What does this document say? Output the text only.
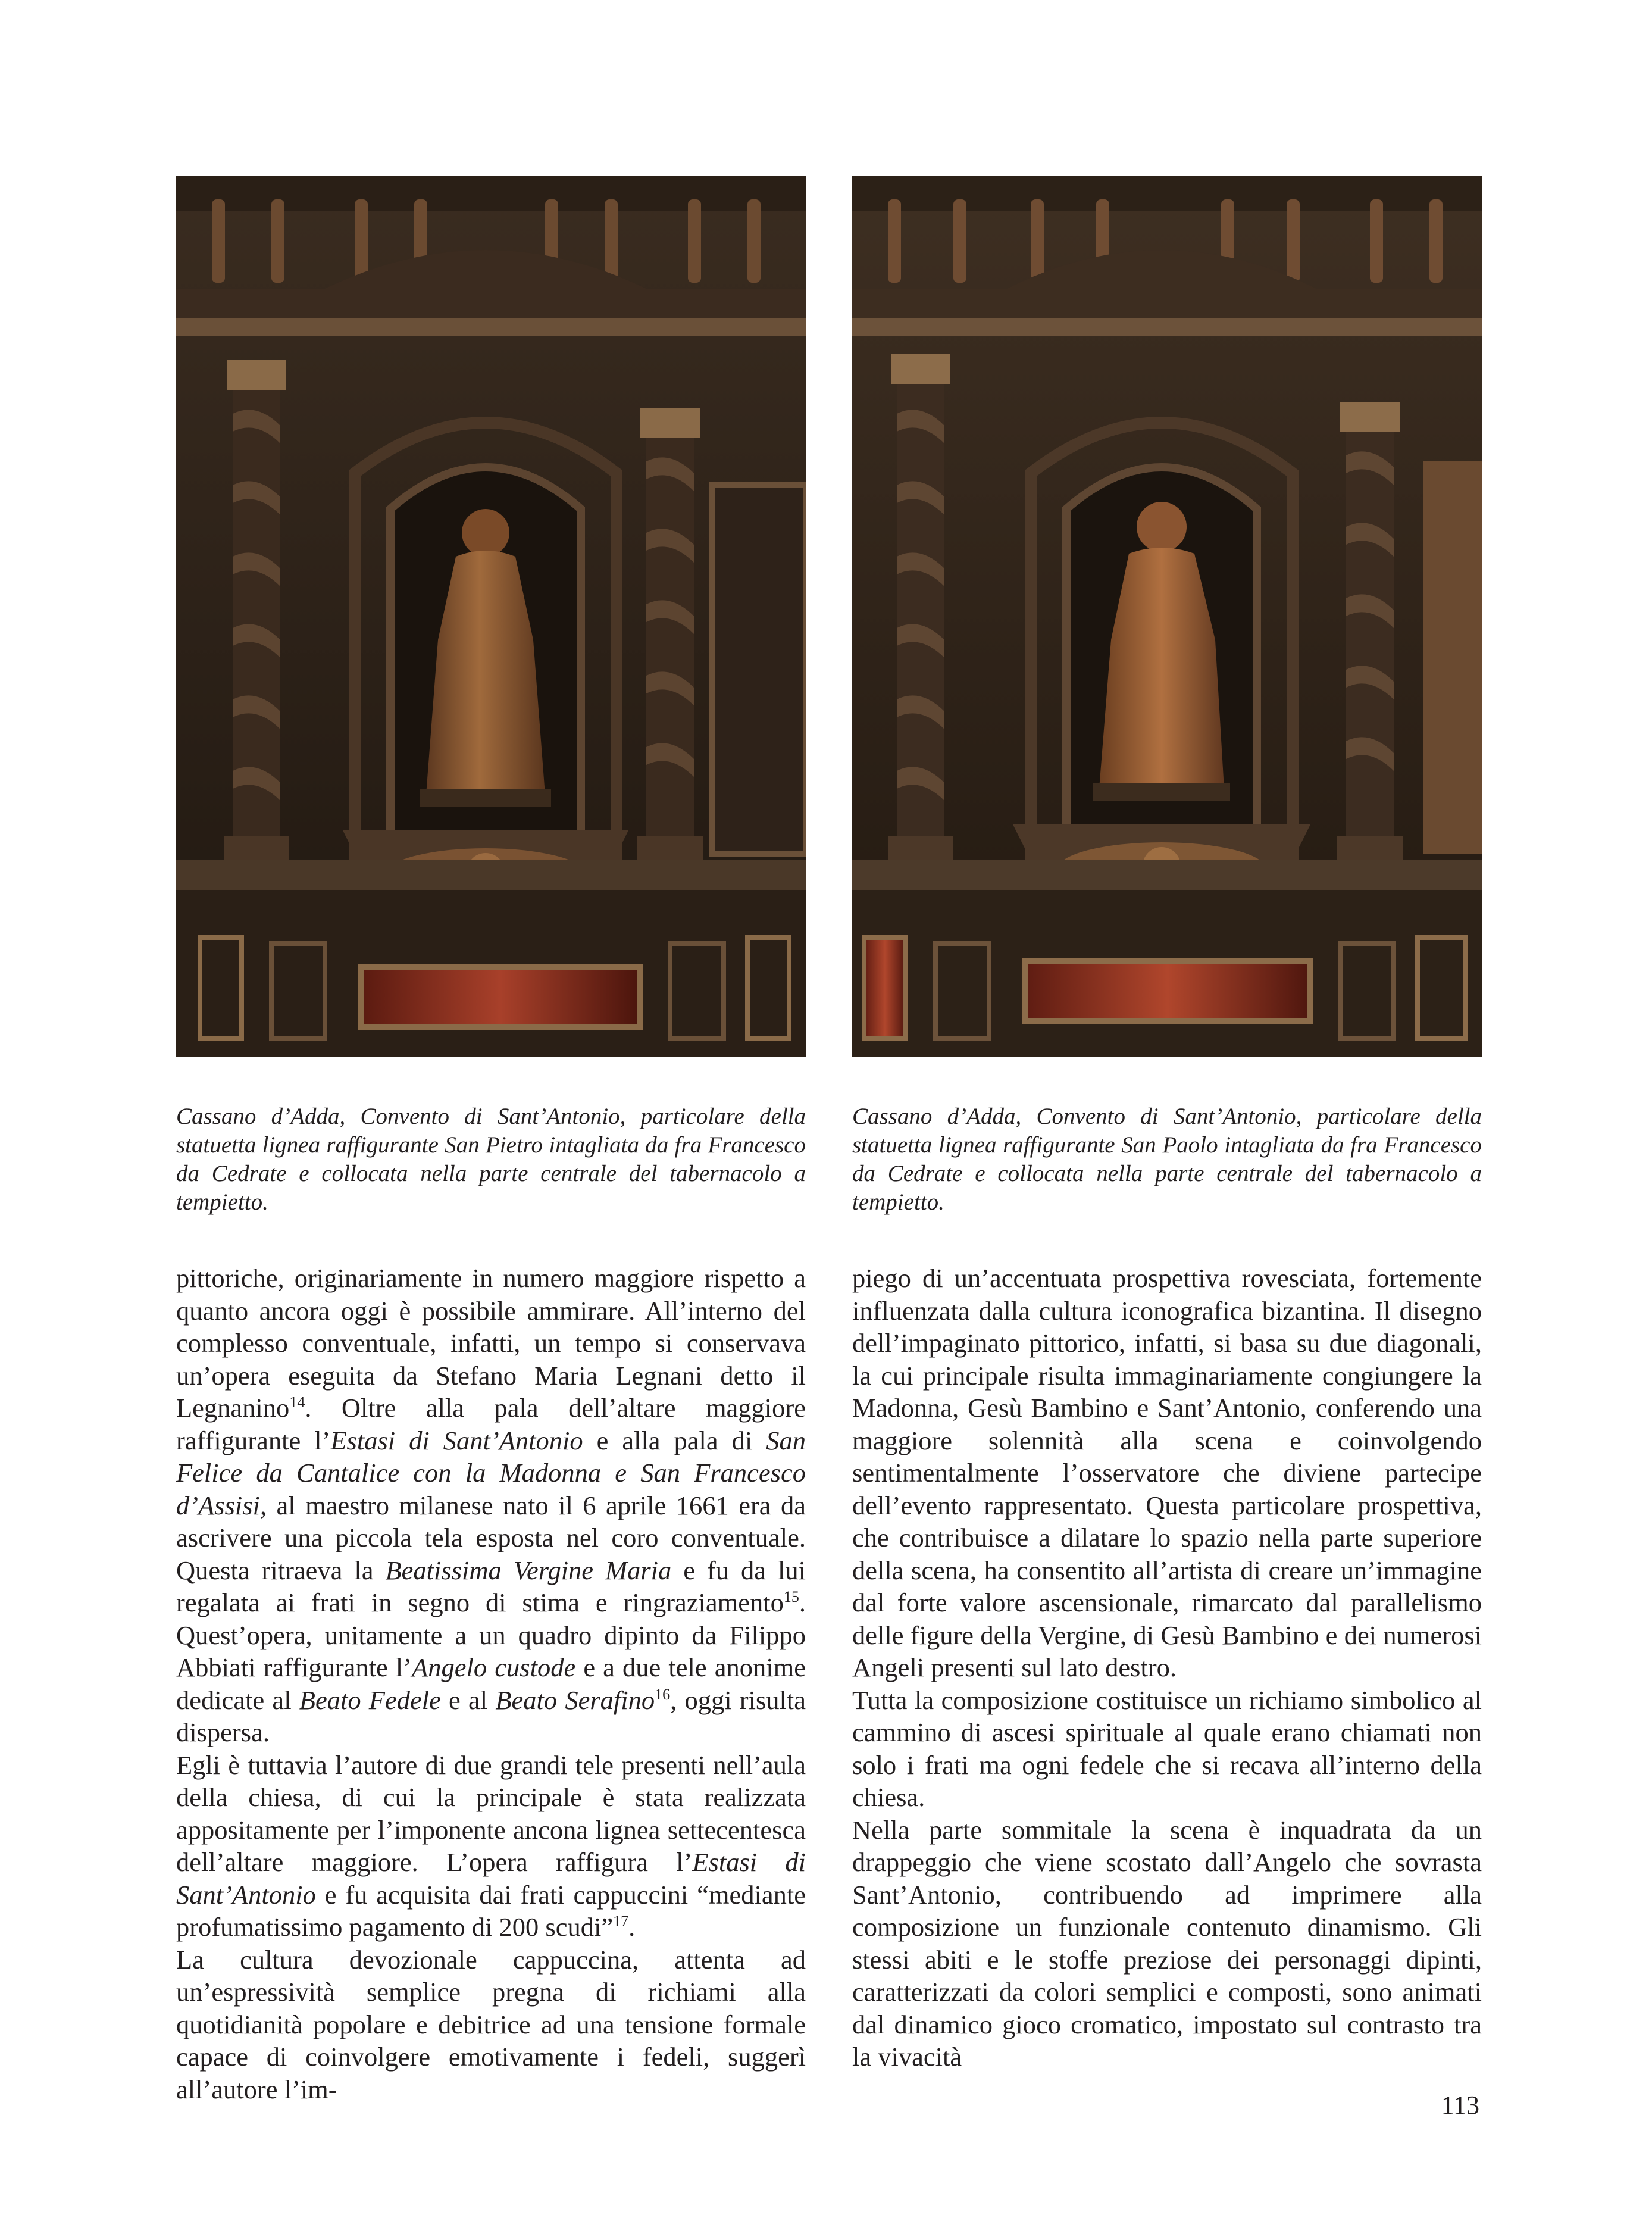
Cassano d’Adda, Convento di Sant’Antonio, particolare della statuetta lignea raffigurante San Pietro intagliata da fra Francesco da Cedrate e collocata nella parte centrale del tabernacolo a tempietto.

Cassano d’Adda, Convento di Sant’Antonio, particolare della statuetta lignea raffigurante San Paolo intagliata da fra Francesco da Cedrate e collocata nella parte centrale del tabernacolo a tempietto.

pittoriche, originariamente in numero maggiore rispetto a quanto ancora oggi è possibile ammirare. All’interno del complesso conventuale, infatti, un tempo si conservava un’opera eseguita da Stefano Maria Legnani detto il Legnanino$^{14}$. Oltre alla pala dell’altare maggiore raffigurante l’Estasi di Sant’Antonio e alla pala di San Felice da Cantalice con la Madonna e San Francesco d’Assisi, al maestro milanese nato il 6 aprile 1661 era da ascrivere una piccola tela esposta nel coro conventuale. Questa ritraeva la Beatissima Vergine Maria e fu da lui regalata ai frati in segno di stima e ringraziamento$^{15}$. Quest’opera, unitamente a un quadro dipinto da Filippo Abbiati raffigurante l’Angelo custode e a due tele anonime dedicate al Beato Fedele e al Beato Serafino$^{16}$, oggi risulta dispersa.

Egli è tuttavia l’autore di due grandi tele presenti nell’aula della chiesa, di cui la principale è stata realizzata appositamente per l’imponente ancona lignea settecentesca dell’altare maggiore. L’opera raffigura l’Estasi di Sant’Antonio e fu acquisita dai frati cappuccini “mediante profumatissimo pagamento di 200 scudi”$^{17}$.

La cultura devozionale cappuccina, attenta ad un’espressività semplice pregna di richiami alla quotidianità popolare e debitrice ad una tensione formale capace di coinvolgere emotivamente i fedeli, suggerì all’autore l’im-

piego di un’accentuata prospettiva rovesciata, fortemente influenzata dalla cultura iconografica bizantina. Il disegno dell’impaginato pittorico, infatti, si basa su due diagonali, la cui principale risulta immaginariamente congiungere la Madonna, Gesù Bambino e Sant’Antonio, conferendo una maggiore solennità alla scena e coinvolgendo sentimentalmente l’osservatore che diviene partecipe dell’evento rappresentato. Questa particolare prospettiva, che contribuisce a dilatare lo spazio nella parte superiore della scena, ha consentito all’artista di creare un’immagine dal forte valore ascensionale, rimarcato dal parallelismo delle figure della Vergine, di Gesù Bambino e dei numerosi Angeli presenti sul lato destro.

Tutta la composizione costituisce un richiamo simbolico al cammino di ascesi spirituale al quale erano chiamati non solo i frati ma ogni fedele che si recava all’interno della chiesa.

Nella parte sommitale la scena è inquadrata da un drappeggio che viene scostato dall’Angelo che sovrasta Sant’Antonio, contribuendo ad imprimere alla composizione un funzionale contenuto dinamismo. Gli stessi abiti e le stoffe preziose dei personaggi dipinti, caratterizzati da colori semplici e composti, sono animati dal dinamico gioco cromatico, impostato sul contrasto tra la vivacità

113
